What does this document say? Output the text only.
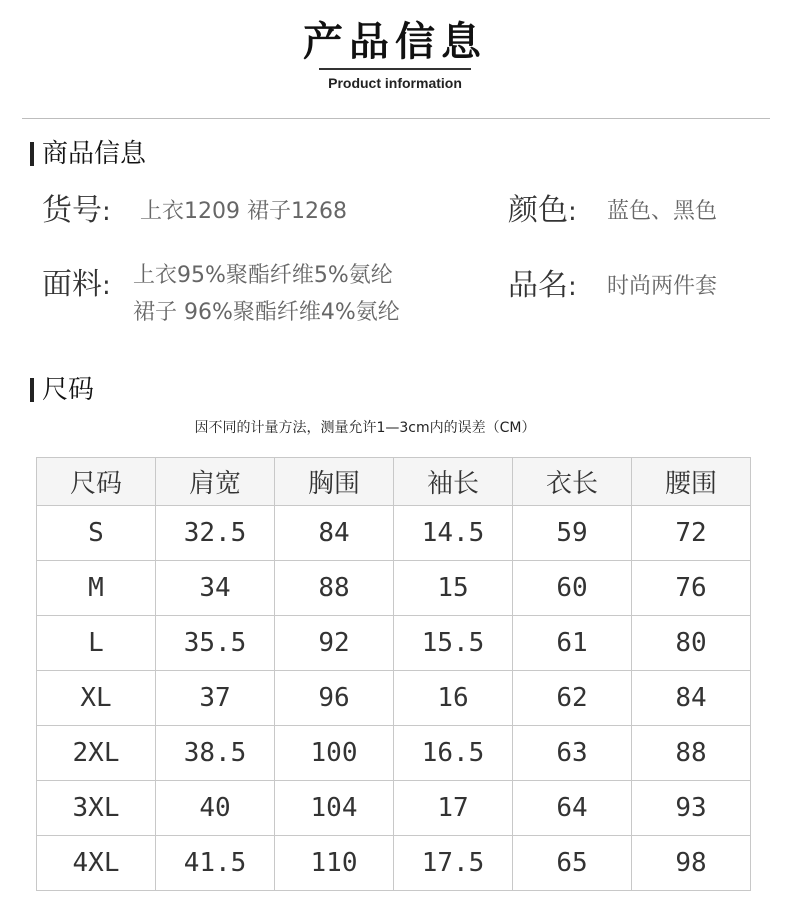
产品信息
Product information
商品信息
货号: 上衣1209 裙子1268	颜色: 蓝色、黑色
面料: 上衣95%聚酯纤维5%氨纶
裙子 96%聚酯纤维4%氨纶
品名: 时尚两件套
尺码
因不同的计量方法，测量允许1—3cm内的误差（CM）
尺码	肩宽	胸围	袖长	衣长	腰围
S	32.5	84	14.5	59	72
M	34	88	15	60	76
L	35.5	92	15.5	61	80
XL	37	96	16	62	84
2XL	38.5	100	16.5	63	88
3XL	40	104	17	64	93
4XL	41.5	110	17.5	65	98
